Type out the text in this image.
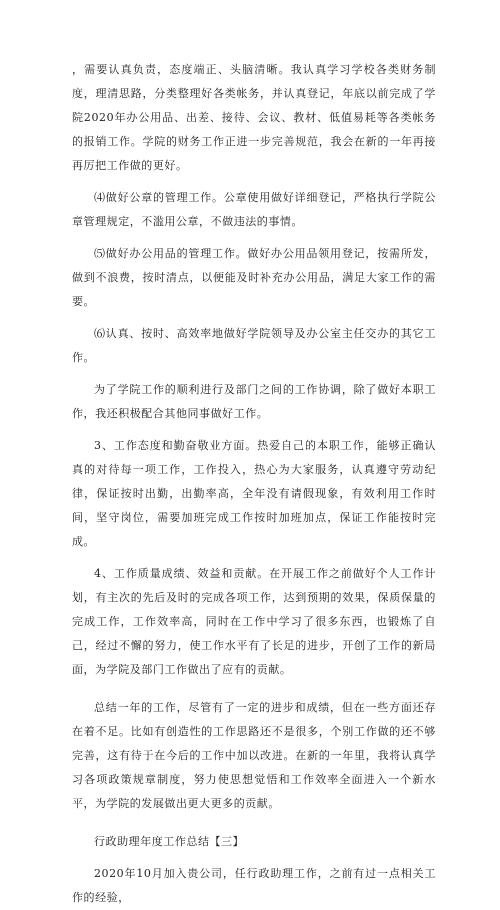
，需要认真负责，态度端正、头脑清晰。我认真学习学校各类财务制度，理清思路，分类整理好各类帐务，并认真登记，年底以前完成了学院2020年办公用品、出差、接待、会议、教材、低值易耗等各类帐务的报销工作。学院的财务工作正进一步完善规范，我会在新的一年再接再厉把工作做的更好。

⑷做好公章的管理工作。公章使用做好详细登记，严格执行学院公章管理规定，不滥用公章，不做违法的事情。

⑸做好办公用品的管理工作。做好办公用品领用登记，按需所发，做到不浪费，按时清点，以便能及时补充办公用品，满足大家工作的需要。

⑹认真、按时、高效率地做好学院领导及办公室主任交办的其它工作。

为了学院工作的顺利进行及部门之间的工作协调，除了做好本职工作，我还积极配合其他同事做好工作。

3、工作态度和勤奋敬业方面。热爱自己的本职工作，能够正确认真的对待每一项工作，工作投入，热心为大家服务，认真遵守劳动纪律，保证按时出勤，出勤率高，全年没有请假现象，有效利用工作时间，坚守岗位，需要加班完成工作按时加班加点，保证工作能按时完成。

4、工作质量成绩、效益和贡献。在开展工作之前做好个人工作计划，有主次的先后及时的完成各项工作，达到预期的效果，保质保量的完成工作，工作效率高，同时在工作中学习了很多东西，也锻炼了自己，经过不懈的努力，使工作水平有了长足的进步，开创了工作的新局面，为学院及部门工作做出了应有的贡献。

总结一年的工作，尽管有了一定的进步和成绩，但在一些方面还存在着不足。比如有创造性的工作思路还不是很多，个别工作做的还不够完善，这有待于在今后的工作中加以改进。在新的一年里，我将认真学习各项政策规章制度，努力使思想觉悟和工作效率全面进入一个新水平，为学院的发展做出更大更多的贡献。

行政助理年度工作总结【三】

2020年10月加入贵公司，任行政助理工作，之前有过一点相关工作的经验，
